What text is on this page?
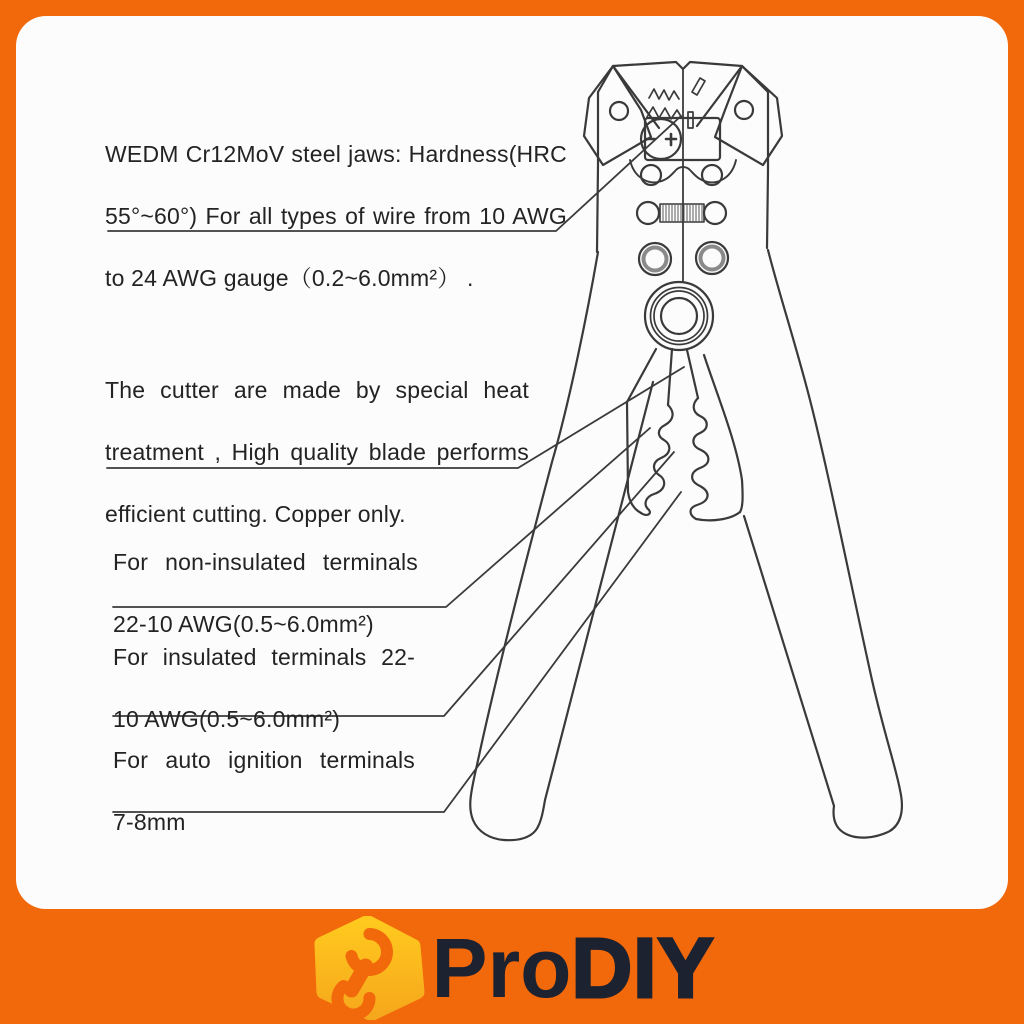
WEDM Cr12MoV steel jaws: Hardness(HRC
55°~60°) For all types of wire from 10 AWG
to 24 AWG gauge（0.2~6.0mm²） .
The cutter are made by special heat
treatment , High quality blade performs
efficient cutting. Copper only.
For non-insulated terminals
22-10 AWG(0.5~6.0mm²)
For insulated terminals 22-
10 AWG(0.5~6.0mm²)
For auto ignition terminals
7-8mm
ProDIY
